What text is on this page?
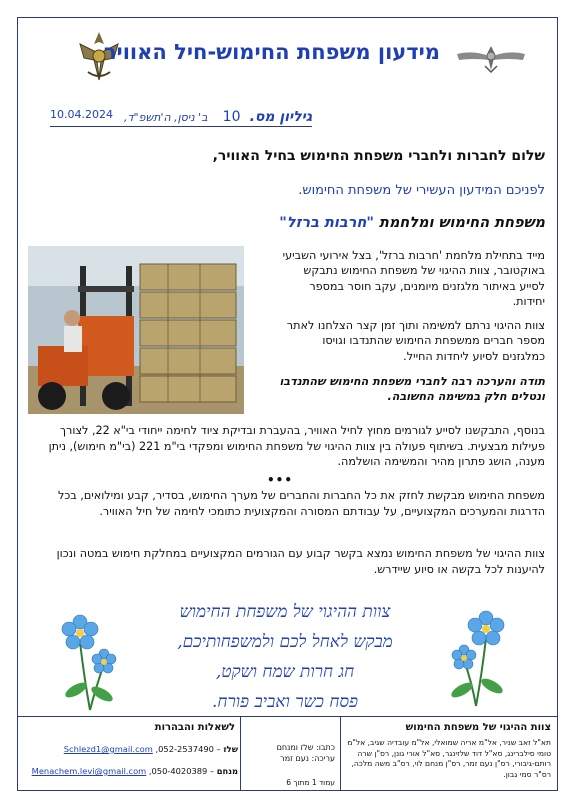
מידעון משפחת החימוש-חיל האוויר
גיליון מס. 10 ב' ניסן, ה'תשפ"ד,
10.04.2024
שלום לחברות ולחברי משפחת החימוש בחיל האוויר,
לפניכם המידעון העשירי של משפחת החימוש.
משפחת החימוש ומלחמת "חרבות ברזל"
מייד בתחילת מלחמת 'חרבות ברזל', בצל אירועי השביעי באוקטובר, צוות ההיגוי של משפחת החימוש נתבקש לסייע באיתור מלגזנים מיומנים, עקב חוסר במספר יחידות.
צוות ההיגוי נרתם למשימה ותוך זמן קצר הצלחנו לאתר מספר חברים ממשפחת החימוש שהתנדבו וגויסו כמלגזנים לסיוע ליחדות החייל.
תודה והערכה רבה לחברי משפחת החימוש שהתנדבו ונטלים חלק במשימה החשובה.
בנוסף, התבקשנו לסייע לגורמים מחוץ לחיל האוויר, בהעברת ובדיקת ציוד לחימה ייחודי בי"א 22, לצורך פעילות מבצעית. בשיתוף פעולה בין צוות ההיגוי של משפחת החימוש ומפקדי בי"מ 221 (בי"מ חימוש), ניתן מענה, הושג פתרון מהיר והמשימה הושלמה.
•••
משפחת החימוש מבקשת לחזק את כל החברות והחברים של מערך החימוש, בסדיר, קבע ומילואים, בכל הדרגות והמערכים המקצועיים, על עבודתם המסורה והמקצועית כתומכי לחימה של חיל האוויר.
צוות ההיגוי של משפחת החימוש נמצא בקשר קבוע עם הגורמים המקצועיים במחלקת חימוש במטה ונכון להיענות לכל בקשה או סיוע שיידרש.
צוות ההיגוי של משפחת החימוש
מבקש לאחל לכם ולמשפחותיכם,
חג חרות שמח ושקט,
פסח כשר ואביב פורח.
צוות ההיגוי של משפחת החימוש
תא"ל זאב שניר, אל"מ אריה שמואלי, אל"מ עובדיה שגיב, אל"מ טומי סילברינג, סא"ל דוד שלזינגר, סא"ל אורי גונן, רס"ן שרה רותם-גיבורי, רס"ן נעם זמר, רס"ן מנחם לוי, רס"ב משה מלכה, רס"ר סמי גבון.
כתבו: שלז ומנחם
עריכה: נעם זמר
עמוד 1 מתוך 6
לשאלות והבהרות
שלז – 052-2537490, Schlezd1@gmail.com
מנחם – 050-4020389, Menachem.levi@gmail.com
